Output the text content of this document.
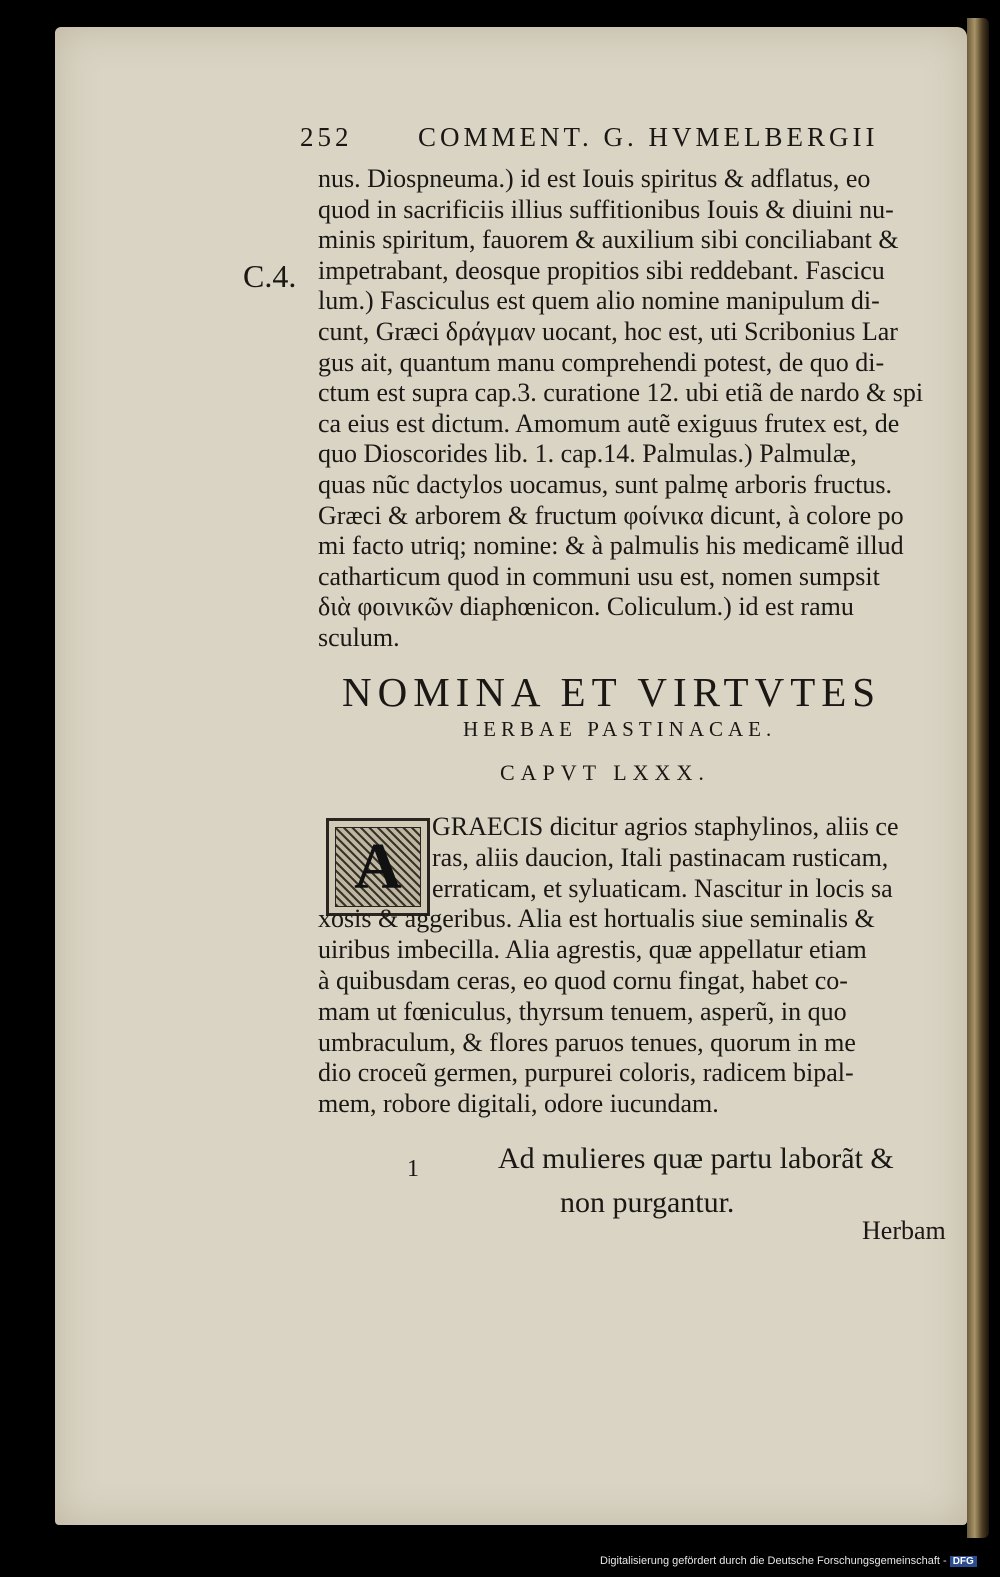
252 COMMENT. G. HVMELBERGII
C.4.
nus. Diospneuma.) id est Iouis spiritus & adflatus, eo
quod in sacrificiis illius suffitionibus Iouis & diuini nu-
minis spiritum, fauorem & auxilium sibi conciliabant &
impetrabant, deosque propitios sibi reddebant. Fascicu
lum.) Fasciculus est quem alio nomine manipulum di-
cunt, Græci δράγμαν uocant, hoc est, uti Scribonius Lar
gus ait, quantum manu comprehendi potest, de quo di-
ctum est supra cap.3. curatione 12. ubi etiã de nardo & spi
ca eius est dictum. Amomum autẽ exiguus frutex est, de
quo Dioscorides lib. 1. cap.14. Palmulas.) Palmulæ,
quas nũc dactylos uocamus, sunt palmę arboris fructus.
Græci & arborem & fructum φοίνικα dicunt, à colore po
mi facto utriq; nomine: & à palmulis his medicamẽ illud
catharticum quod in communi usu est, nomen sumpsit
διὰ φοινικῶν diaphœnicon. Coliculum.) id est ramu
sculum.
NOMINA ET VIRTVTES
HERBAE PASTINACAE.
CAPVT LXXX.
A
GRAECIS dicitur agrios staphylinos, aliis ce
ras, aliis daucion, Itali pastinacam rusticam,
erraticam, et syluaticam. Nascitur in locis sa
xosis & aggeribus. Alia est hortualis siue seminalis &
uiribus imbecilla. Alia agrestis, quæ appellatur etiam
à quibusdam ceras, eo quod cornu fingat, habet co-
mam ut fœniculus, thyrsum tenuem, asperũ, in quo
umbraculum, & flores paruos tenues, quorum in me
dio croceũ germen, purpurei coloris, radicem bipal-
mem, robore digitali, odore iucundam.
1	Ad mulieres quæ partu laborãt &
non purgantur.
Herbam
Digitalisierung gefördert durch die Deutsche Forschungsgemeinschaft - DFG
